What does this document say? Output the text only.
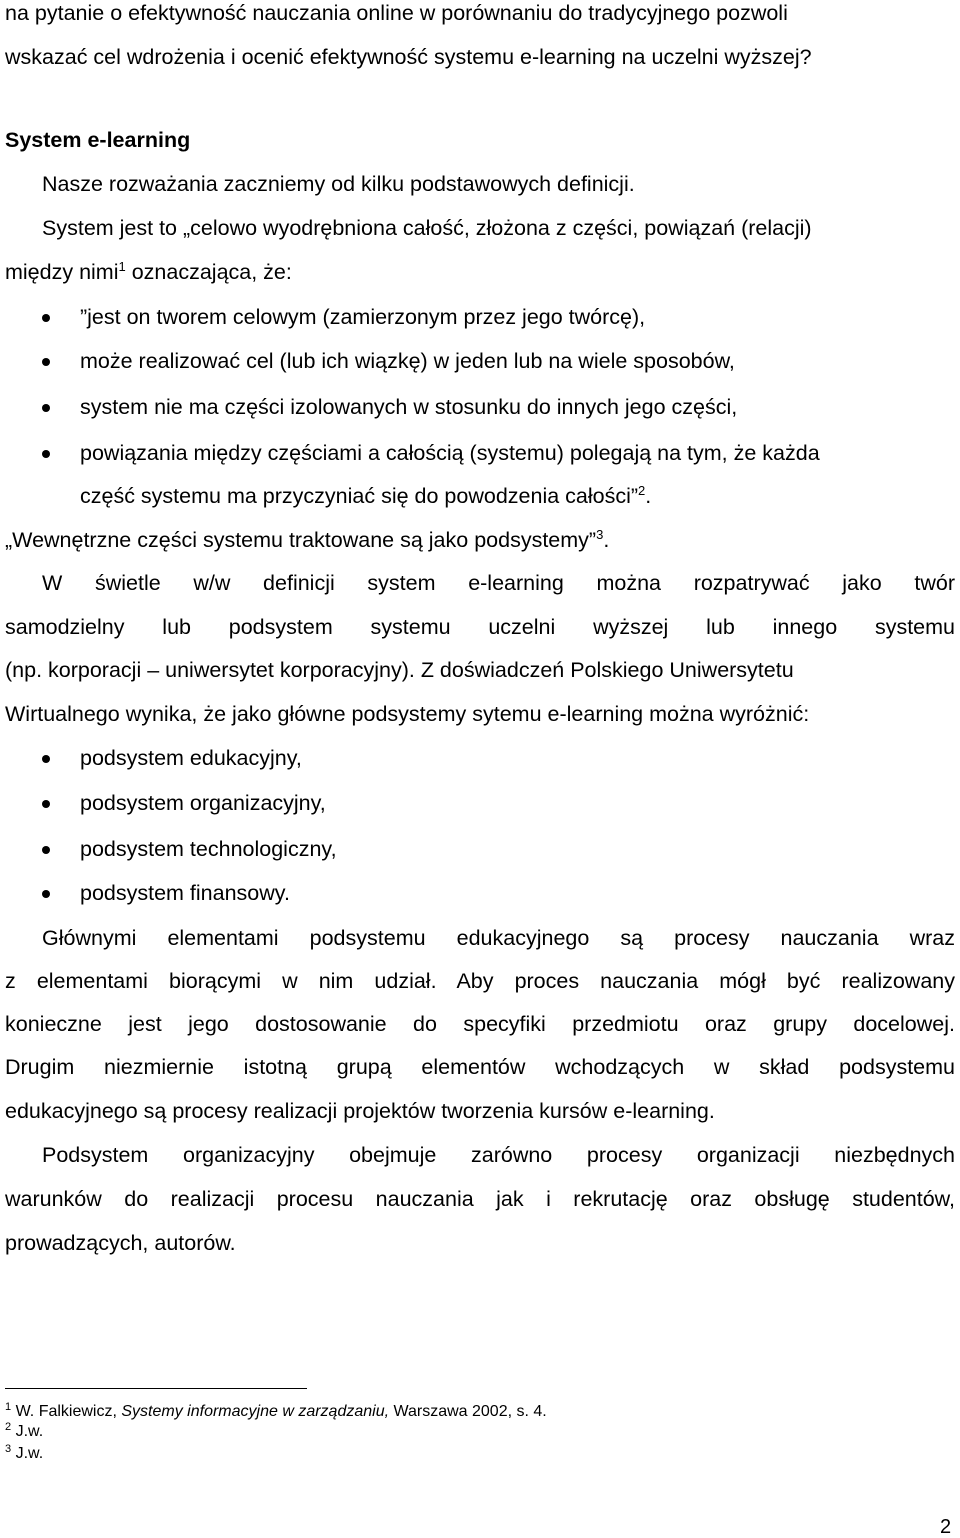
na pytanie o efektywność nauczania online w porównaniu do tradycyjnego pozwoli
wskazać cel wdrożenia i ocenić efektywność systemu e-learning na uczelni wyższej?
System e-learning
Nasze rozważania zaczniemy od kilku podstawowych definicji.
System jest to „celowo wyodrębniona całość, złożona z części, powiązań (relacji)
między nimi$^1$ oznaczająca, że:
”jest on tworem celowym (zamierzonym przez jego twórcę),
może realizować cel (lub ich wiązkę) w jeden lub na wiele sposobów,
system nie ma części izolowanych w stosunku do innych jego części,
powiązania między częściami a całością (systemu) polegają na tym, że każda
część systemu ma przyczyniać się do powodzenia całości”$^2$.
„Wewnętrzne części systemu traktowane są jako podsystemy”$^3$.
W świetle w/w definicji system e-learning można rozpatrywać jako twór
samodzielny lub podsystem systemu uczelni wyższej lub innego systemu
(np. korporacji – uniwersytet korporacyjny). Z doświadczeń Polskiego Uniwersytetu
Wirtualnego wynika, że jako główne podsystemy sytemu e-learning można wyróżnić:
podsystem edukacyjny,
podsystem organizacyjny,
podsystem technologiczny,
podsystem finansowy.
Głównymi elementami podsystemu edukacyjnego są procesy nauczania wraz
z elementami biorącymi w nim udział. Aby proces nauczania mógł być realizowany
konieczne jest jego dostosowanie do specyfiki przedmiotu oraz grupy docelowej.
Drugim niezmiernie istotną grupą elementów wchodzących w skład podsystemu
edukacyjnego są procesy realizacji projektów tworzenia kursów e-learning.
Podsystem organizacyjny obejmuje zarówno procesy organizacji niezbędnych
warunków do realizacji procesu nauczania jak i rekrutację oraz obsługę studentów,
prowadzących, autorów.
$^1$ W. Falkiewicz, Systemy informacyjne w zarządzaniu, Warszawa 2002, s. 4.
$^2$ J.w.
$^3$ J.w.
2
